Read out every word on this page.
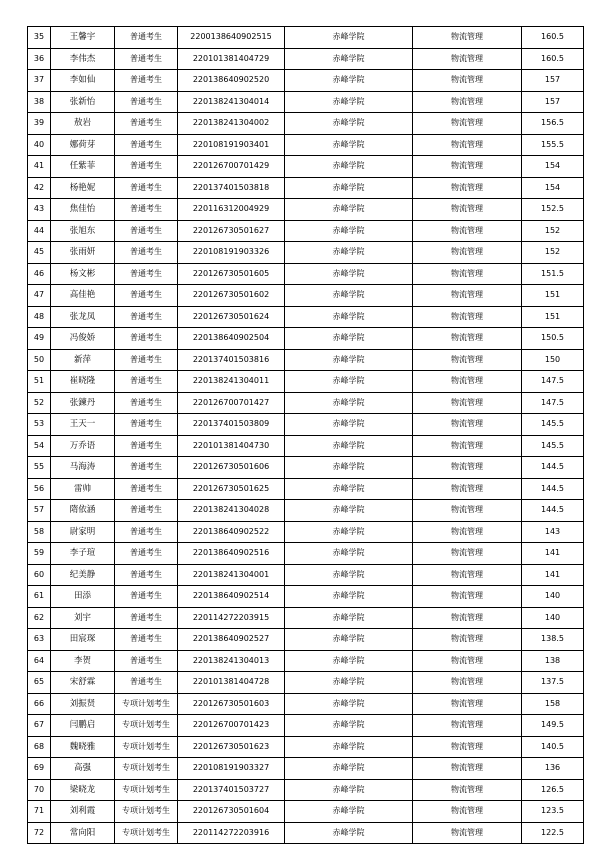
35	王馨宇	普通考生	2200138640902515	赤峰学院	物流管理	160.5
36	李伟杰	普通考生	220101381404729	赤峰学院	物流管理	160.5
37	李如仙	普通考生	220138640902520	赤峰学院	物流管理	157
38	张新怡	普通考生	220138241304014	赤峰学院	物流管理	157
39	敖岩	普通考生	220138241304002	赤峰学院	物流管理	156.5
40	娜荷芽	普通考生	220108191903401	赤峰学院	物流管理	155.5
41	任紫菲	普通考生	220126700701429	赤峰学院	物流管理	154
42	杨艳妮	普通考生	220137401503818	赤峰学院	物流管理	154
43	焦佳怡	普通考生	220116312004929	赤峰学院	物流管理	152.5
44	张旭东	普通考生	220126730501627	赤峰学院	物流管理	152
45	张雨妍	普通考生	220108191903326	赤峰学院	物流管理	152
46	杨文彬	普通考生	220126730501605	赤峰学院	物流管理	151.5
47	高佳艳	普通考生	220126730501602	赤峰学院	物流管理	151
48	张龙凤	普通考生	220126730501624	赤峰学院	物流管理	151
49	冯俊娇	普通考生	220138640902504	赤峰学院	物流管理	150.5
50	新萍	普通考生	220137401503816	赤峰学院	物流管理	150
51	崔晓隆	普通考生	220138241304011	赤峰学院	物流管理	147.5
52	张鍊丹	普通考生	220126700701427	赤峰学院	物流管理	147.5
53	王天一	普通考生	220137401503809	赤峰学院	物流管理	145.5
54	万乔语	普通考生	220101381404730	赤峰学院	物流管理	145.5
55	马海涛	普通考生	220126730501606	赤峰学院	物流管理	144.5
56	雷帅	普通考生	220126730501625	赤峰学院	物流管理	144.5
57	隋依涵	普通考生	220138241304028	赤峰学院	物流管理	144.5
58	尉家明	普通考生	220138640902522	赤峰学院	物流管理	143
59	李子瑄	普通考生	220138640902516	赤峰学院	物流管理	141
60	纪美静	普通考生	220138241304001	赤峰学院	物流管理	141
61	田添	普通考生	220138640902514	赤峰学院	物流管理	140
62	刘宇	普通考生	220114272203915	赤峰学院	物流管理	140
63	田宸琛	普通考生	220138640902527	赤峰学院	物流管理	138.5
64	李贺	普通考生	220138241304013	赤峰学院	物流管理	138
65	宋舒霖	普通考生	220101381404728	赤峰学院	物流管理	137.5
66	刘振贤	专项计划考生	220126730501603	赤峰学院	物流管理	158
67	闫鹏启	专项计划考生	220126700701423	赤峰学院	物流管理	149.5
68	魏晓雅	专项计划考生	220126730501623	赤峰学院	物流管理	140.5
69	高强	专项计划考生	220108191903327	赤峰学院	物流管理	136
70	梁晓龙	专项计划考生	220137401503727	赤峰学院	物流管理	126.5
71	刘利霞	专项计划考生	220126730501604	赤峰学院	物流管理	123.5
72	常向阳	专项计划考生	220114272203916	赤峰学院	物流管理	122.5
